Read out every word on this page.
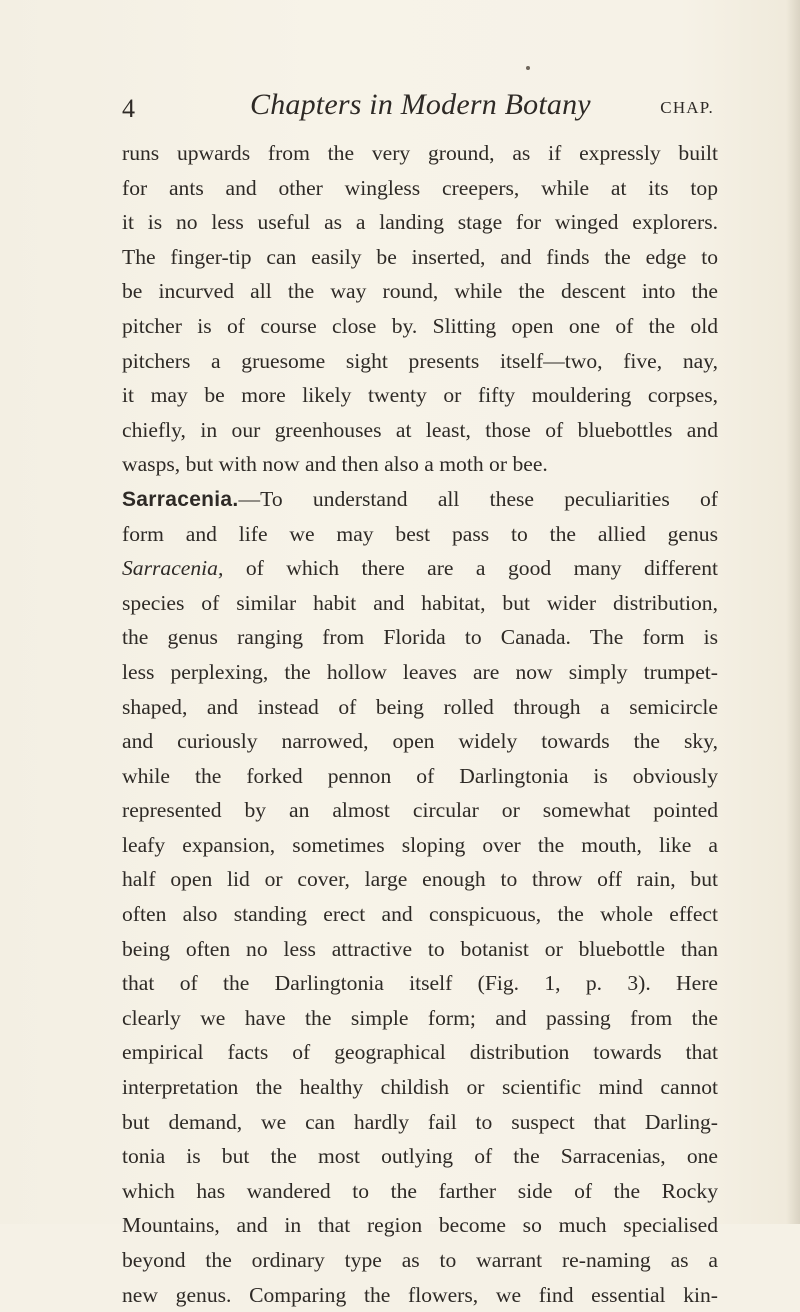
4	Chapters in Modern Botany	CHAP.
runs upwards from the very ground, as if expressly built
for ants and other wingless creepers, while at its top
it is no less useful as a landing stage for winged explorers.
The finger-tip can easily be inserted, and finds the edge to
be incurved all the way round, while the descent into the
pitcher is of course close by. Slitting open one of the old
pitchers a gruesome sight presents itself—two, five, nay,
it may be more likely twenty or fifty mouldering corpses,
chiefly, in our greenhouses at least, those of bluebottles and
wasps, but with now and then also a moth or bee.
Sarracenia.—To understand all these peculiarities of
form and life we may best pass to the allied genus
Sarracenia, of which there are a good many different
species of similar habit and habitat, but wider distribution,
the genus ranging from Florida to Canada. The form is
less perplexing, the hollow leaves are now simply trumpet-
shaped, and instead of being rolled through a semicircle
and curiously narrowed, open widely towards the sky,
while the forked pennon of Darlingtonia is obviously
represented by an almost circular or somewhat pointed
leafy expansion, sometimes sloping over the mouth, like a
half open lid or cover, large enough to throw off rain, but
often also standing erect and conspicuous, the whole effect
being often no less attractive to botanist or bluebottle than
that of the Darlingtonia itself (Fig. 1, p. 3). Here
clearly we have the simple form; and passing from the
empirical facts of geographical distribution towards that
interpretation the healthy childish or scientific mind cannot
but demand, we can hardly fail to suspect that Darling-
tonia is but the most outlying of the Sarracenias, one
which has wandered to the farther side of the Rocky
Mountains, and in that region become so much specialised
beyond the ordinary type as to warrant re-naming as a
new genus. Comparing the flowers, we find essential kin-
